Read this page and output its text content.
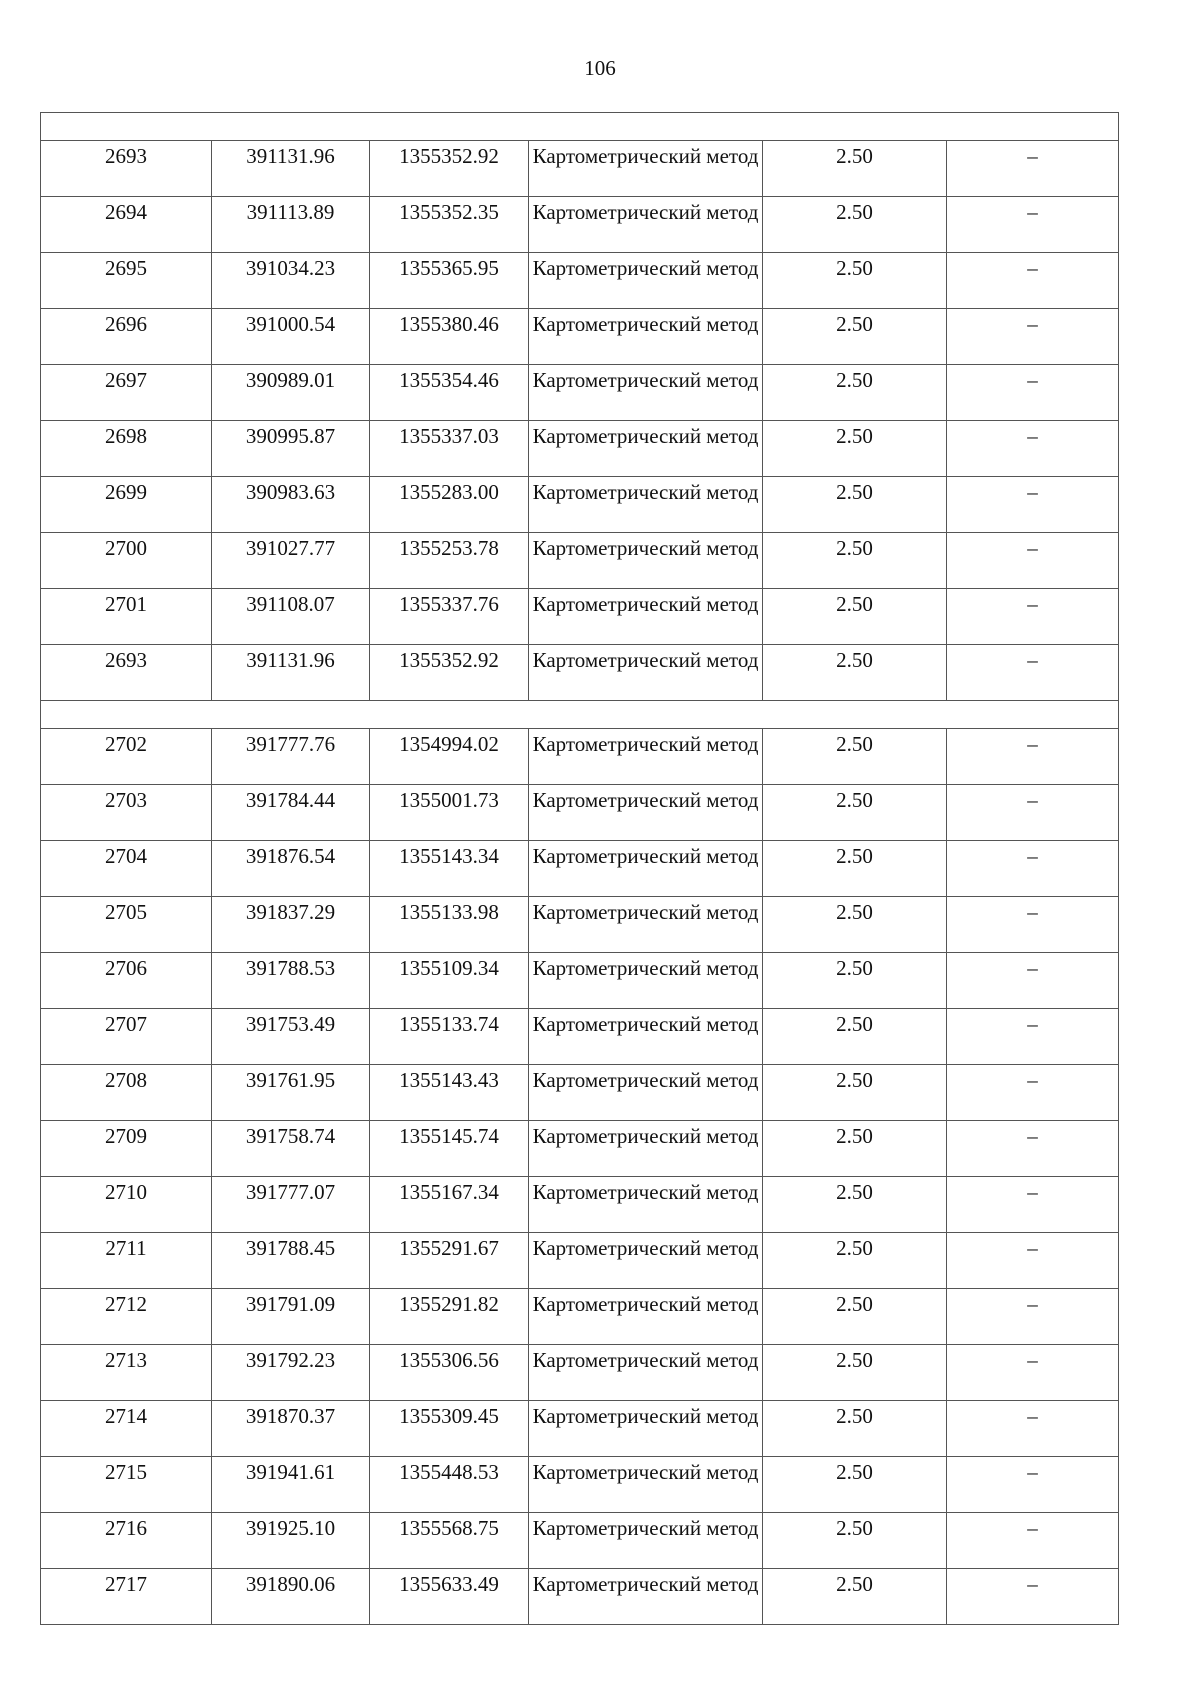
106

2693	391131.96	1355352.92	Картометрический метод	2.50	–
2694	391113.89	1355352.35	Картометрический метод	2.50	–
2695	391034.23	1355365.95	Картометрический метод	2.50	–
2696	391000.54	1355380.46	Картометрический метод	2.50	–
2697	390989.01	1355354.46	Картометрический метод	2.50	–
2698	390995.87	1355337.03	Картометрический метод	2.50	–
2699	390983.63	1355283.00	Картометрический метод	2.50	–
2700	391027.77	1355253.78	Картометрический метод	2.50	–
2701	391108.07	1355337.76	Картометрический метод	2.50	–
2693	391131.96	1355352.92	Картометрический метод	2.50	–

2702	391777.76	1354994.02	Картометрический метод	2.50	–
2703	391784.44	1355001.73	Картометрический метод	2.50	–
2704	391876.54	1355143.34	Картометрический метод	2.50	–
2705	391837.29	1355133.98	Картометрический метод	2.50	–
2706	391788.53	1355109.34	Картометрический метод	2.50	–
2707	391753.49	1355133.74	Картометрический метод	2.50	–
2708	391761.95	1355143.43	Картометрический метод	2.50	–
2709	391758.74	1355145.74	Картометрический метод	2.50	–
2710	391777.07	1355167.34	Картометрический метод	2.50	–
2711	391788.45	1355291.67	Картометрический метод	2.50	–
2712	391791.09	1355291.82	Картометрический метод	2.50	–
2713	391792.23	1355306.56	Картометрический метод	2.50	–
2714	391870.37	1355309.45	Картометрический метод	2.50	–
2715	391941.61	1355448.53	Картометрический метод	2.50	–
2716	391925.10	1355568.75	Картометрический метод	2.50	–
2717	391890.06	1355633.49	Картометрический метод	2.50	–
